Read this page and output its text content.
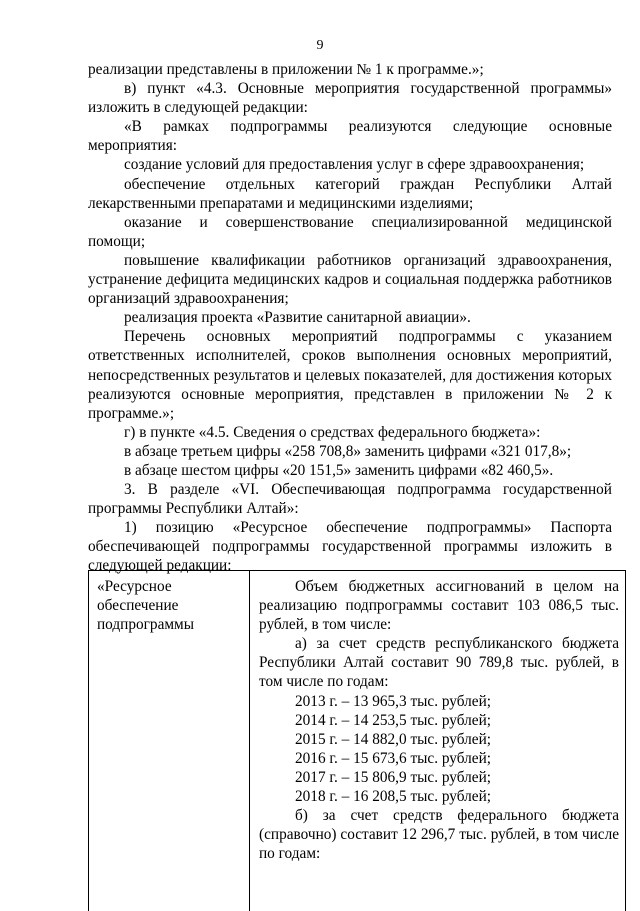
9

реализации представлены в приложении № 1 к программе.»;

в) пункт «4.3. Основные мероприятия государственной программы» изложить в следующей редакции:

«В рамках подпрограммы реализуются следующие основные мероприятия:

создание условий для предоставления услуг в сфере здравоохранения;

обеспечение отдельных категорий граждан Республики Алтай лекарственными препаратами и медицинскими изделиями;

оказание и совершенствование специализированной медицинской помощи;

повышение квалификации работников организаций здравоохранения, устранение дефицита медицинских кадров и социальная поддержка работников организаций здравоохранения;

реализация проекта «Развитие санитарной авиации».

Перечень основных мероприятий подпрограммы с указанием ответственных исполнителей, сроков выполнения основных мероприятий, непосредственных результатов и целевых показателей, для достижения которых реализуются основные мероприятия, представлен в приложении № 2 к программе.»;

г) в пункте «4.5. Сведения о средствах федерального бюджета»:

в абзаце третьем цифры «258 708,8» заменить цифрами «321 017,8»;

в абзаце шестом цифры «20 151,5» заменить цифрами «82 460,5».

3. В разделе «VI. Обеспечивающая подпрограмма государственной программы Республики Алтай»:

1) позицию «Ресурсное обеспечение подпрограммы» Паспорта обеспечивающей подпрограммы государственной программы изложить в следующей редакции:

«Ресурсное

обеспечение

подпрограммы

Объем бюджетных ассигнований в целом на реализацию подпрограммы составит 103 086,5 тыс. рублей, в том числе:

а) за счет средств республиканского бюджета Республики Алтай составит 90 789,8 тыс. рублей, в том числе по годам:

2013 г. – 13 965,3 тыс. рублей;

2014 г. – 14 253,5 тыс. рублей;

2015 г. – 14 882,0 тыс. рублей;

2016 г. – 15 673,6 тыс. рублей;

2017 г. – 15 806,9 тыс. рублей;

2018 г. – 16 208,5 тыс. рублей;

б) за счет средств федерального бюджета (справочно) составит 12 296,7 тыс. рублей, в том числе по годам:
